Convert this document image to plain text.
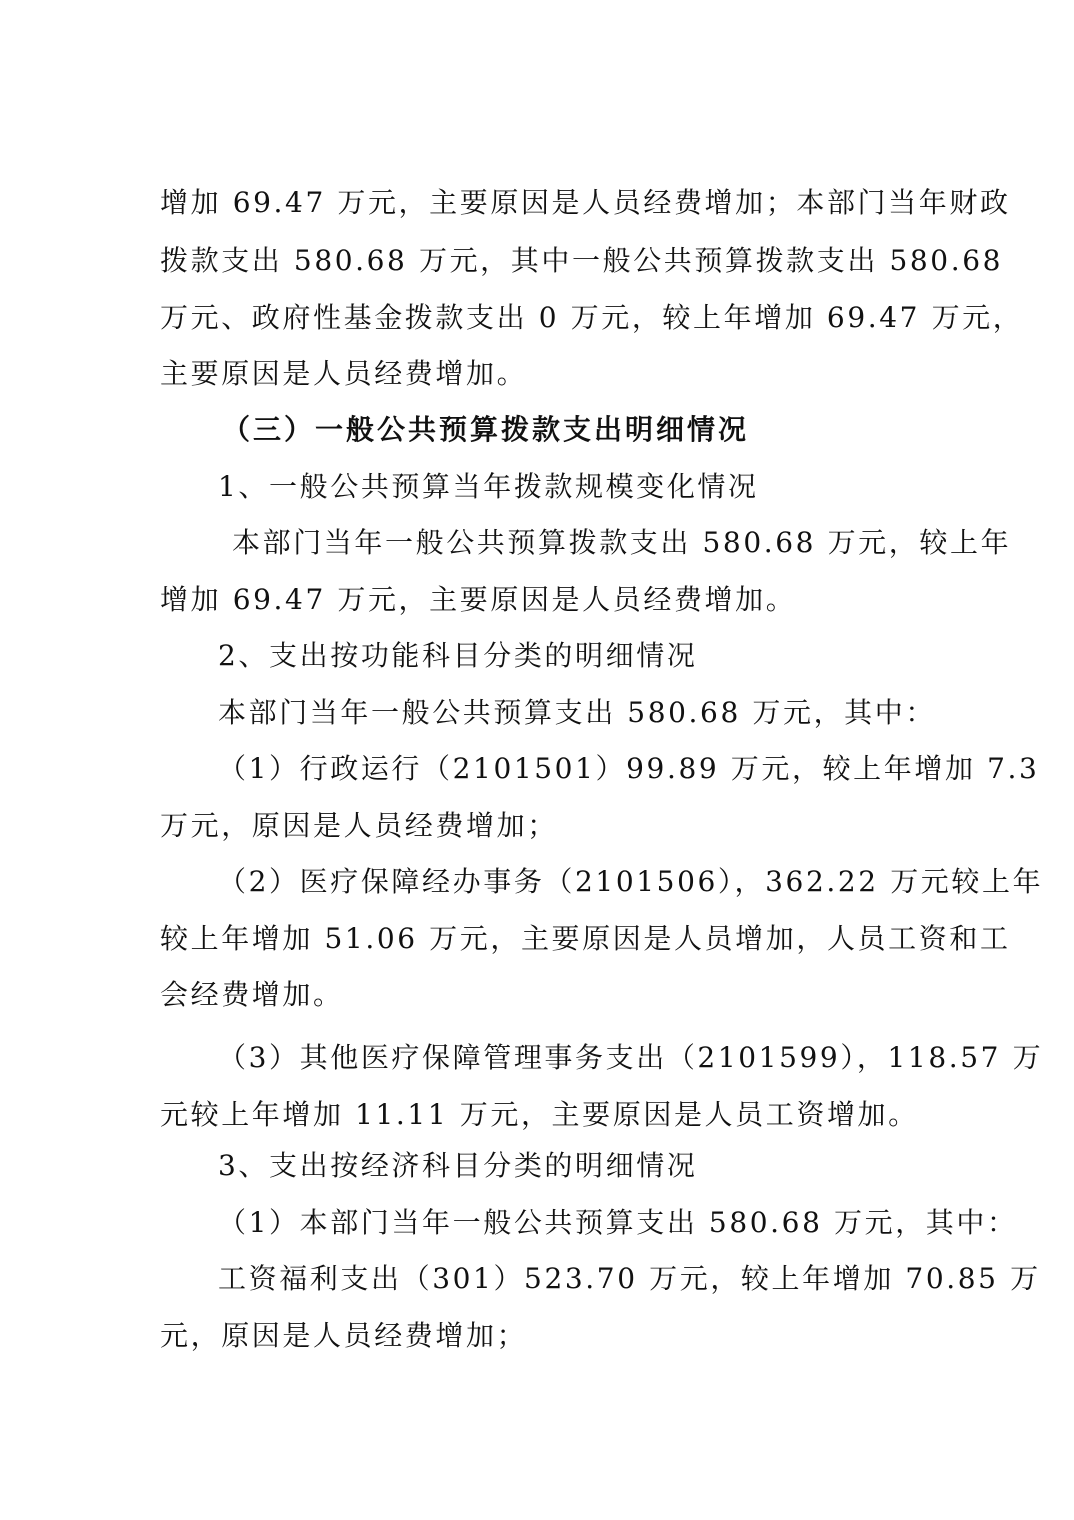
增加 69.47 万元，主要原因是人员经费增加；本部门当年财政
拨款支出 580.68 万元，其中一般公共预算拨款支出 580.68
万元、政府性基金拨款支出 0 万元，较上年增加 69.47 万元，
主要原因是人员经费增加。
（三）一般公共预算拨款支出明细情况
1、一般公共预算当年拨款规模变化情况
本部门当年一般公共预算拨款支出 580.68 万元，较上年
增加 69.47 万元，主要原因是人员经费增加。
2、支出按功能科目分类的明细情况
本部门当年一般公共预算支出 580.68 万元，其中：
（1）行政运行（2101501）99.89 万元，较上年增加 7.3
万元，原因是人员经费增加；
（2）医疗保障经办事务（2101506），362.22 万元较上年
较上年增加 51.06 万元，主要原因是人员增加，人员工资和工
会经费增加。
（3）其他医疗保障管理事务支出（2101599），118.57 万
元较上年增加 11.11 万元，主要原因是人员工资增加。
3、支出按经济科目分类的明细情况
（1）本部门当年一般公共预算支出 580.68 万元，其中：
工资福利支出（301）523.70 万元，较上年增加 70.85 万
元，原因是人员经费增加；
